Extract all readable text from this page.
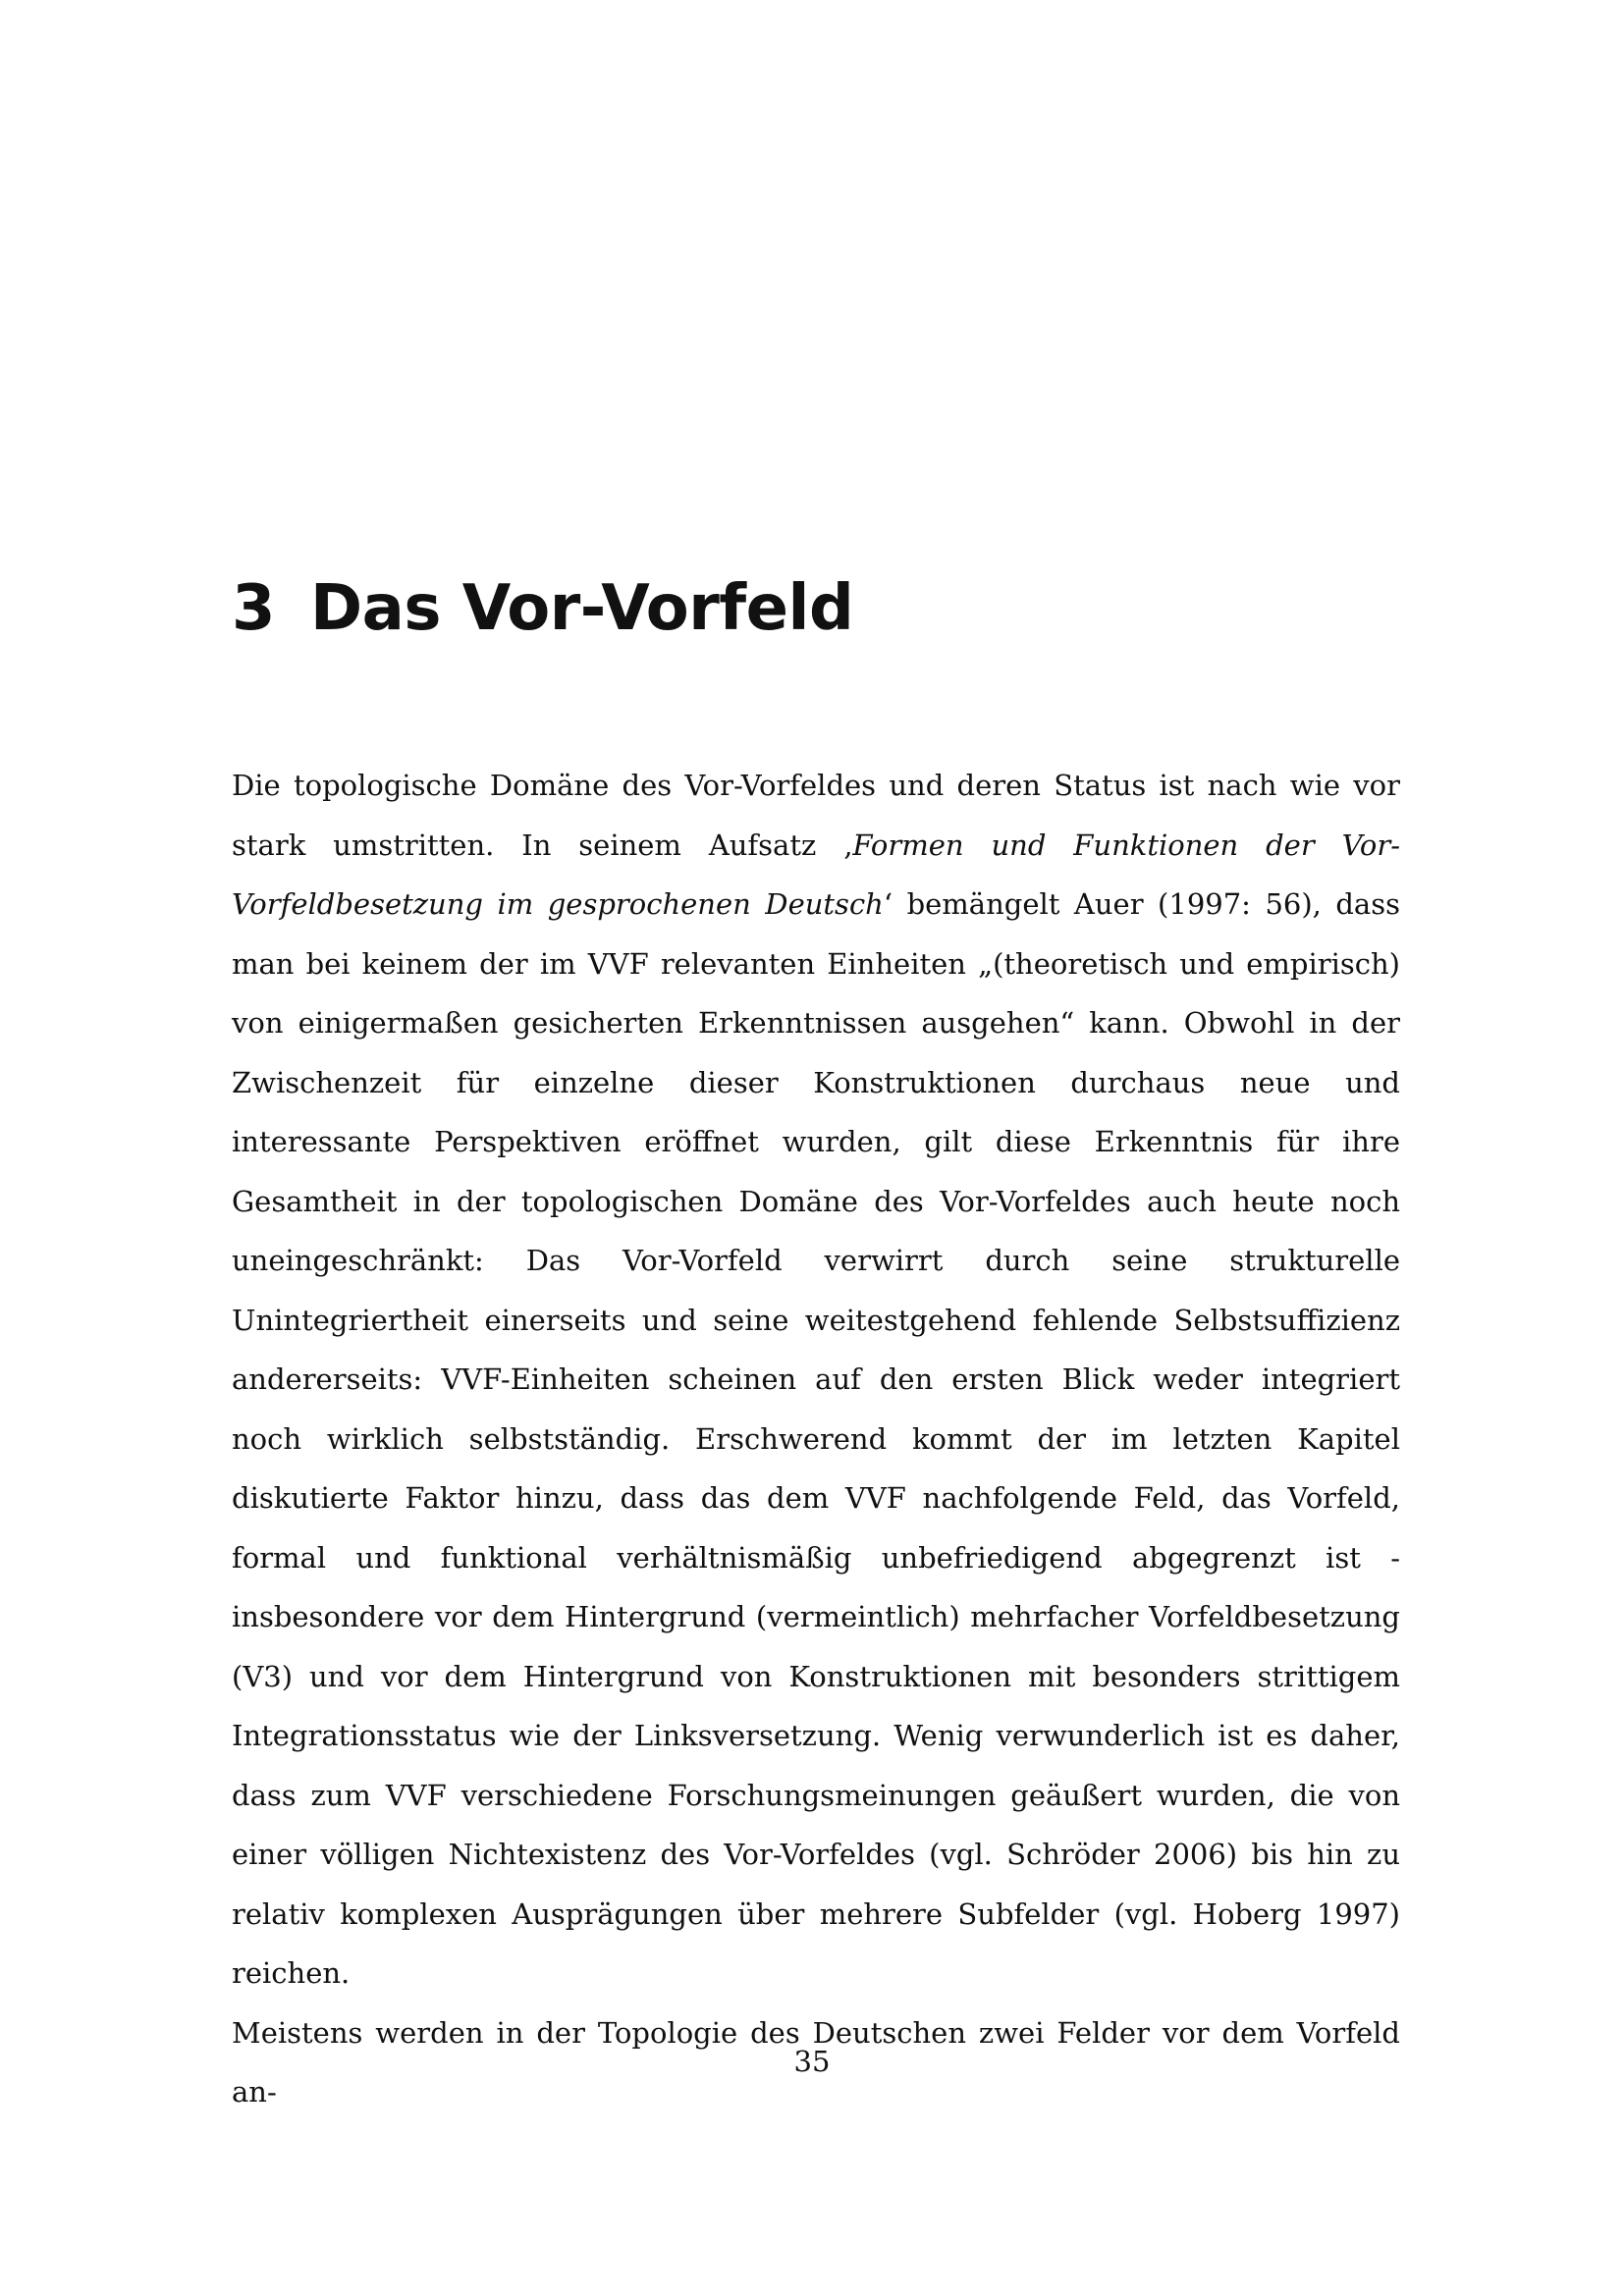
3 Das Vor-Vorfeld

Die topologische Domäne des Vor-Vorfeldes und deren Status ist nach wie vor stark umstritten. In seinem Aufsatz ‚Formen und Funktionen der Vor-Vorfeldbesetzung im gesprochenen Deutsch‘ bemängelt Auer (1997: 56), dass man bei keinem der im VVF relevanten Einheiten „(theoretisch und empirisch) von einigermaßen gesicherten Erkenntnissen ausgehen“ kann. Obwohl in der Zwischenzeit für einzelne dieser Konstruktionen durchaus neue und interessante Perspektiven eröffnet wurden, gilt diese Erkenntnis für ihre Gesamtheit in der topologischen Domäne des Vor-Vorfeldes auch heute noch uneingeschränkt: Das Vor-Vorfeld verwirrt durch seine strukturelle Unintegriertheit einerseits und seine weitestgehend fehlende Selbstsuffizienz andererseits: VVF-Einheiten scheinen auf den ersten Blick weder integriert noch wirklich selbstständig. Erschwerend kommt der im letzten Kapitel diskutierte Faktor hinzu, dass das dem VVF nachfolgende Feld, das Vorfeld, formal und funktional verhältnismäßig unbefriedigend abgegrenzt ist - insbesondere vor dem Hintergrund (vermeintlich) mehrfacher Vorfeldbesetzung (V3) und vor dem Hintergrund von Konstruktionen mit besonders strittigem Integrationsstatus wie der Linksversetzung. Wenig verwunderlich ist es daher, dass zum VVF verschiedene Forschungsmeinungen geäußert wurden, die von einer völligen Nichtexistenz des Vor-Vorfeldes (vgl. Schröder 2006) bis hin zu relativ komplexen Ausprägungen über mehrere Subfelder (vgl. Hoberg 1997) reichen.

Meistens werden in der Topologie des Deutschen zwei Felder vor dem Vorfeld an-

35
